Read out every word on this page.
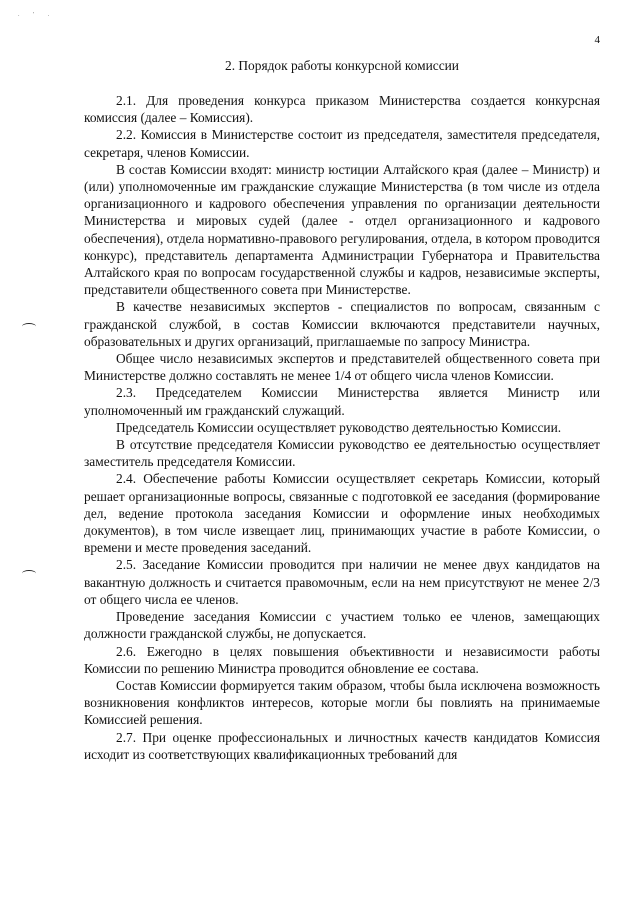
. ' .
4
2. Порядок работы конкурсной комиссии

2.1. Для проведения конкурса приказом Министерства создается конкурсная комиссия (далее – Комиссия).

2.2. Комиссия в Министерстве состоит из председателя, заместителя председателя, секретаря, членов Комиссии.

В состав Комиссии входят: министр юстиции Алтайского края (далее – Министр) и (или) уполномоченные им гражданские служащие Министерства (в том числе из отдела организационного и кадрового обеспечения управления по организации деятельности Министерства и мировых судей (далее - отдел организационного и кадрового обеспечения), отдела нормативно-правового регулирования, отдела, в котором проводится конкурс), представитель департамента Администрации Губернатора и Правительства Алтайского края по вопросам государственной службы и кадров, независимые эксперты, представители общественного совета при Министерстве.

В качестве независимых экспертов - специалистов по вопросам, связанным с гражданской службой, в состав Комиссии включаются представители научных, образовательных и других организаций, приглашаемые по запросу Министра.

Общее число независимых экспертов и представителей общественного совета при Министерстве должно составлять не менее 1/4 от общего числа членов Комиссии.

2.3. Председателем Комиссии Министерства является Министр или уполномоченный им гражданский служащий.

Председатель Комиссии осуществляет руководство деятельностью Комиссии.

В отсутствие председателя Комиссии руководство ее деятельностью осуществляет заместитель председателя Комиссии.

2.4. Обеспечение работы Комиссии осуществляет секретарь Комиссии, который решает организационные вопросы, связанные с подготовкой ее заседания (формирование дел, ведение протокола заседания Комиссии и оформление иных необходимых документов), в том числе извещает лиц, принимающих участие в работе Комиссии, о времени и месте проведения заседаний.

2.5. Заседание Комиссии проводится при наличии не менее двух кандидатов на вакантную должность и считается правомочным, если на нем присутствуют не менее 2/3 от общего числа ее членов.

Проведение заседания Комиссии с участием только ее членов, замещающих должности гражданской службы, не допускается.

2.6. Ежегодно в целях повышения объективности и независимости работы Комиссии по решению Министра проводится обновление ее состава.

Состав Комиссии формируется таким образом, чтобы была исключена возможность возникновения конфликтов интересов, которые могли бы повлиять на принимаемые Комиссией решения.

2.7. При оценке профессиональных и личностных качеств кандидатов Комиссия исходит из соответствующих квалификационных требований для
